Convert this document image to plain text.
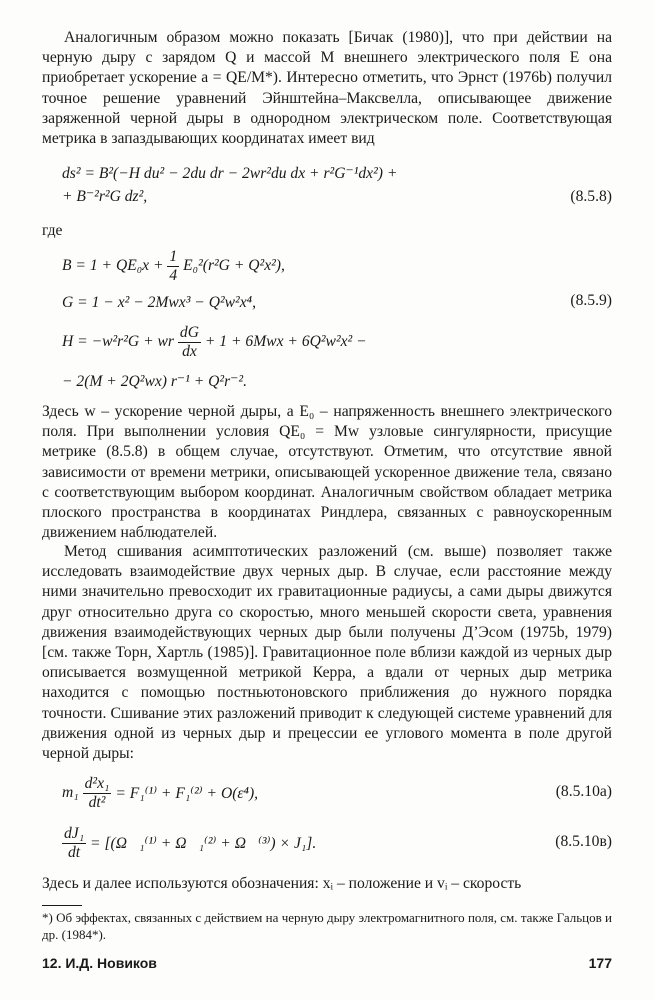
Аналогичным образом можно показать [Бичак (1980)], что при действии на черную дыру с зарядом Q и массой M внешнего электрического поля E она приобретает ускорение a = QE/M*). Интересно отметить, что Эрнст (1976b) получил точное решение уравнений Эйнштейна–Максвелла, описывающее движение заряженной черной дыры в однородном электрическом поле. Соответствующая метрика в запаздывающих координатах имеет вид

ds² = B²(−H du² − 2du dr − 2wr²du dx + r²G⁻¹dx²) +
+ B⁻²r²G dz²,	(8.5.8)
где
B = 1 + QE₀x +
$\frac{1}{4}$
E₀²(r²G + Q²x²),
G = 1 − x² − 2Mwx³ − Q²w²x⁴,	(8.5.9)
H = −w²r²G + wr
$\frac{dG}{dx}$
+ 1 + 6Mwx + 6Q²w²x² −
− 2(M + 2Q²wx) r⁻¹ + Q²r⁻².

Здесь w – ускорение черной дыры, а E₀ – напряженность внешнего электрического поля. При выполнении условия QE₀ = Mw узловые сингулярности, присущие метрике (8.5.8) в общем случае, отсутствуют. Отметим, что отсутствие явной зависимости от времени метрики, описывающей ускоренное движение тела, связано с соответствующим выбором координат. Аналогичным свойством обладает метрика плоского пространства в координатах Риндлера, связанных с равноускоренным движением наблюдателей.

Метод сшивания асимптотических разложений (см. выше) позволяет также исследовать взаимодействие двух черных дыр. В случае, если расстояние между ними значительно превосходит их гравитационные радиусы, а сами дыры движутся друг относительно друга со скоростью, много меньшей скорости света, уравнения движения взаимодействующих черных дыр были получены Д’Эсом (1975b, 1979) [см. также Торн, Хартль (1985)]. Гравитационное поле вблизи каждой из черных дыр описывается возмущенной метрикой Керра, а вдали от черных дыр метрика находится с помощью постньютоновского приближения до нужного порядка точности. Сшивание этих разложений приводит к следующей системе уравнений для движения одной из черных дыр и прецессии ее углового момента в поле другой черной дыры:

m₁
$\frac{\text{d²x₁}}{\text{dt²}}$
= F₁⁽¹⁾ + F₁⁽²⁾ + O(ε⁴),	(8.5.10а)
$\frac{\text{dJ₁}}{dt}$
= [(Ω⃗₁⁽¹⁾ + Ω⃗₁⁽²⁾ + Ω⃗⁽³⁾) × J₁].	(8.5.10в)

Здесь и далее используются обозначения: xᵢ – положение и vᵢ – скорость

*) Об эффектах, связанных с действием на черную дыру электромагнитного поля, см. также Гальцов и др. (1984*).
12. И.Д. Новиков	177
